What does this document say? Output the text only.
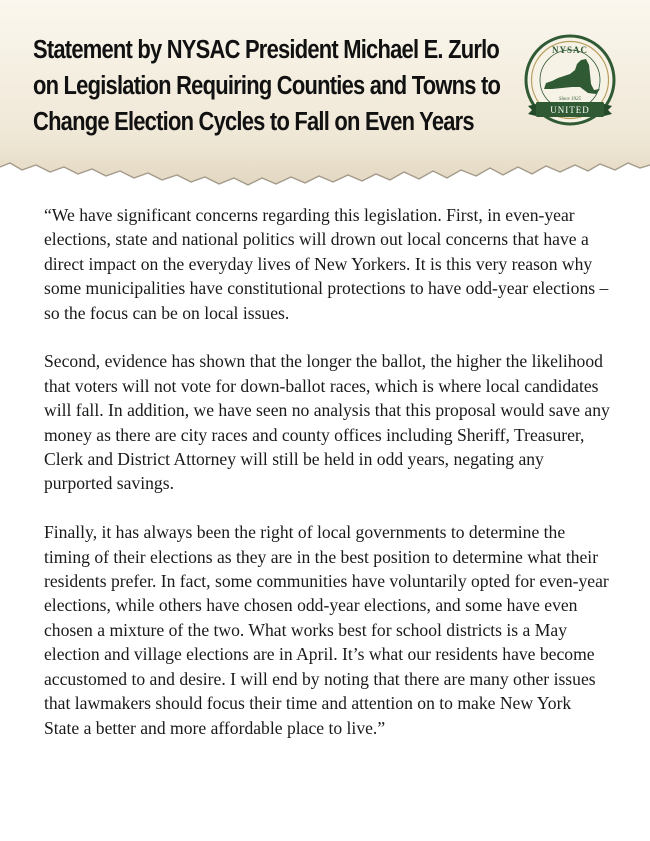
Statement by NYSAC President Michael E. Zurlo
on Legislation Requiring Counties and Towns to
Change Election Cycles to Fall on Even Years
NYSAC
Since 1925
UNITED

“We have significant concerns regarding this legislation. First, in even-year elections, state and national politics will drown out local concerns that have a direct impact on the everyday lives of New Yorkers. It is this very reason why some municipalities have constitutional protections to have odd-year elections – so the focus can be on local issues.

Second, evidence has shown that the longer the ballot, the higher the likelihood that voters will not vote for down-ballot races, which is where local candidates will fall. In addition, we have seen no analysis that this proposal would save any money as there are city races and county offices including Sheriff, Treasurer, Clerk and District Attorney will still be held in odd years, negating any purported savings.

Finally, it has always been the right of local governments to determine the timing of their elections as they are in the best position to determine what their residents prefer. In fact, some communities have voluntarily opted for even-year elections, while others have chosen odd-year elections, and some have even chosen a mixture of the two. What works best for school districts is a May election and village elections are in April. It’s what our residents have become accustomed to and desire. I will end by noting that there are many other issues that lawmakers should focus their time and attention on to make New York State a better and more affordable place to live.”
